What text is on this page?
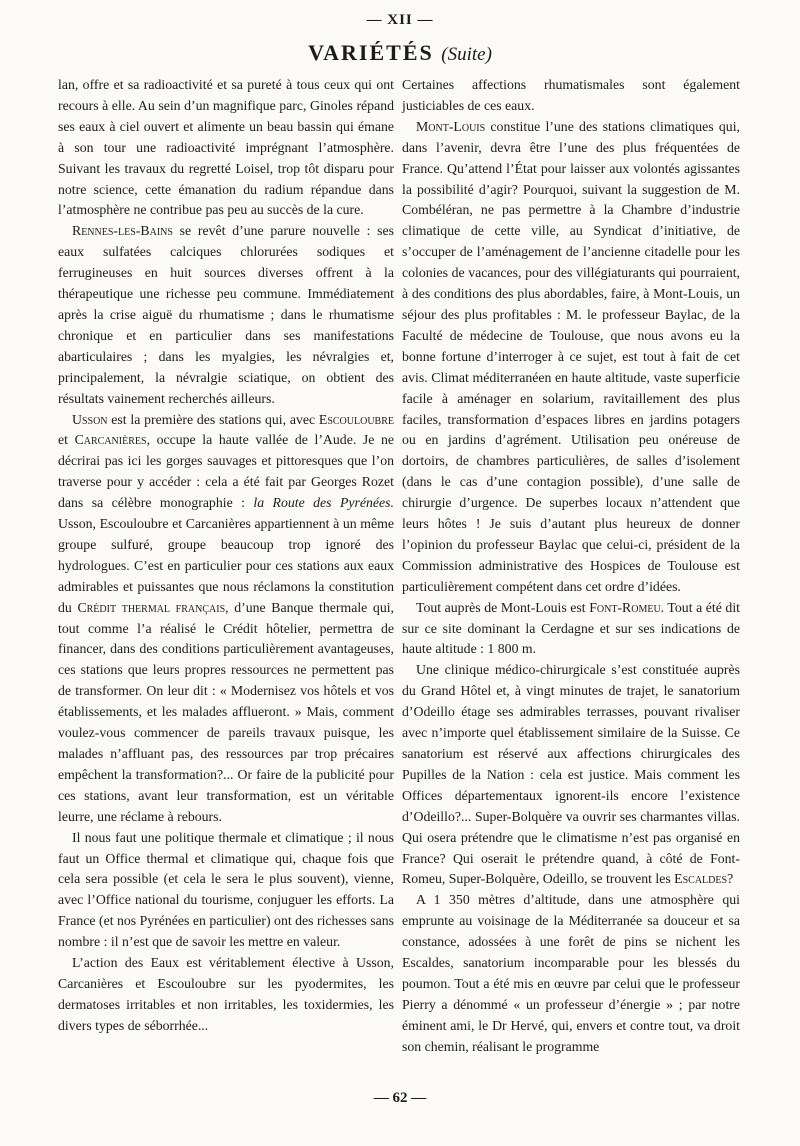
— XII —
VARIÉTÉS (Suite)

lan, offre et sa radioactivité et sa pureté à tous ceux qui ont recours à elle. Au sein d’un magnifique parc, Ginoles répand ses eaux à ciel ouvert et alimente un beau bassin qui émane à son tour une radioactivité imprégnant l’atmosphère. Suivant les travaux du regretté Loisel, trop tôt disparu pour notre science, cette émanation du radium répandue dans l’atmosphère ne contribue pas peu au succès de la cure.

Rennes-les-Bains se revêt d’une parure nouvelle : ses eaux sulfatées calciques chlorurées sodiques et ferrugineuses en huit sources diverses offrent à la thérapeutique une richesse peu commune. Immédiatement après la crise aiguë du rhumatisme ; dans le rhumatisme chronique et en particulier dans ses manifestations abarticulaires ; dans les myalgies, les névralgies et, principalement, la névralgie sciatique, on obtient des résultats vainement recherchés ailleurs.

Usson est la première des stations qui, avec Escouloubre et Carcanières, occupe la haute vallée de l’Aude. Je ne décrirai pas ici les gorges sauvages et pittoresques que l’on traverse pour y accéder : cela a été fait par Georges Rozet dans sa célèbre monographie : la Route des Pyrénées. Usson, Escouloubre et Carcanières appartiennent à un même groupe sulfuré, groupe beaucoup trop ignoré des hydrologues. C’est en particulier pour ces stations aux eaux admirables et puissantes que nous réclamons la constitution du Crédit thermal français, d’une Banque thermale qui, tout comme l’a réalisé le Crédit hôtelier, permettra de financer, dans des conditions particulièrement avantageuses, ces stations que leurs propres ressources ne permettent pas de transformer. On leur dit : « Modernisez vos hôtels et vos établissements, et les malades afflueront. » Mais, comment voulez-vous commencer de pareils travaux puisque, les malades n’affluant pas, des ressources par trop précaires empêchent la transformation?... Or faire de la publicité pour ces stations, avant leur transformation, est un véritable leurre, une réclame à rebours.

Il nous faut une politique thermale et climatique ; il nous faut un Office thermal et climatique qui, chaque fois que cela sera possible (et cela le sera le plus souvent), vienne, avec l’Office national du tourisme, conjuguer les efforts. La France (et nos Pyrénées en particulier) ont des richesses sans nombre : il n’est que de savoir les mettre en valeur.

L’action des Eaux est véritablement élective à Usson, Carcanières et Escouloubre sur les pyodermites, les dermatoses irritables et non irritables, les toxidermies, les divers types de séborrhée...

Certaines affections rhumatismales sont également justiciables de ces eaux.

Mont-Louis constitue l’une des stations climatiques qui, dans l’avenir, devra être l’une des plus fréquentées de France. Qu’attend l’État pour laisser aux volontés agissantes la possibilité d’agir? Pourquoi, suivant la suggestion de M. Combéléran, ne pas permettre à la Chambre d’industrie climatique de cette ville, au Syndicat d’initiative, de s’occuper de l’aménagement de l’ancienne citadelle pour les colonies de vacances, pour des villégiaturants qui pourraient, à des conditions des plus abordables, faire, à Mont-Louis, un séjour des plus profitables : M. le professeur Baylac, de la Faculté de médecine de Toulouse, que nous avons eu la bonne fortune d’interroger à ce sujet, est tout à fait de cet avis. Climat méditerranéen en haute altitude, vaste superficie facile à aménager en solarium, ravitaillement des plus faciles, transformation d’espaces libres en jardins potagers ou en jardins d’agrément. Utilisation peu onéreuse de dortoirs, de chambres particulières, de salles d’isolement (dans le cas d’une contagion possible), d’une salle de chirurgie d’urgence. De superbes locaux n’attendent que leurs hôtes ! Je suis d’autant plus heureux de donner l’opinion du professeur Baylac que celui-ci, président de la Commission administrative des Hospices de Toulouse est particulièrement compétent dans cet ordre d’idées.

Tout auprès de Mont-Louis est Font-Romeu. Tout a été dit sur ce site dominant la Cerdagne et sur ses indications de haute altitude : 1 800 m.

Une clinique médico-chirurgicale s’est constituée auprès du Grand Hôtel et, à vingt minutes de trajet, le sanatorium d’Odeillo étage ses admirables terrasses, pouvant rivaliser avec n’importe quel établissement similaire de la Suisse. Ce sanatorium est réservé aux affections chirurgicales des Pupilles de la Nation : cela est justice. Mais comment les Offices départementaux ignorent-ils encore l’existence d’Odeillo?... Super-Bolquère va ouvrir ses charmantes villas. Qui osera prétendre que le climatisme n’est pas organisé en France? Qui oserait le prétendre quand, à côté de Font-Romeu, Super-Bolquère, Odeillo, se trouvent les Escaldes?

A 1 350 mètres d’altitude, dans une atmosphère qui emprunte au voisinage de la Méditerranée sa douceur et sa constance, adossées à une forêt de pins se nichent les Escaldes, sanatorium incomparable pour les blessés du poumon. Tout a été mis en œuvre par celui que le professeur Pierry a dénommé « un professeur d’énergie » ; par notre éminent ami, le Dr Hervé, qui, envers et contre tout, va droit son chemin, réalisant le programme

— 62 —
